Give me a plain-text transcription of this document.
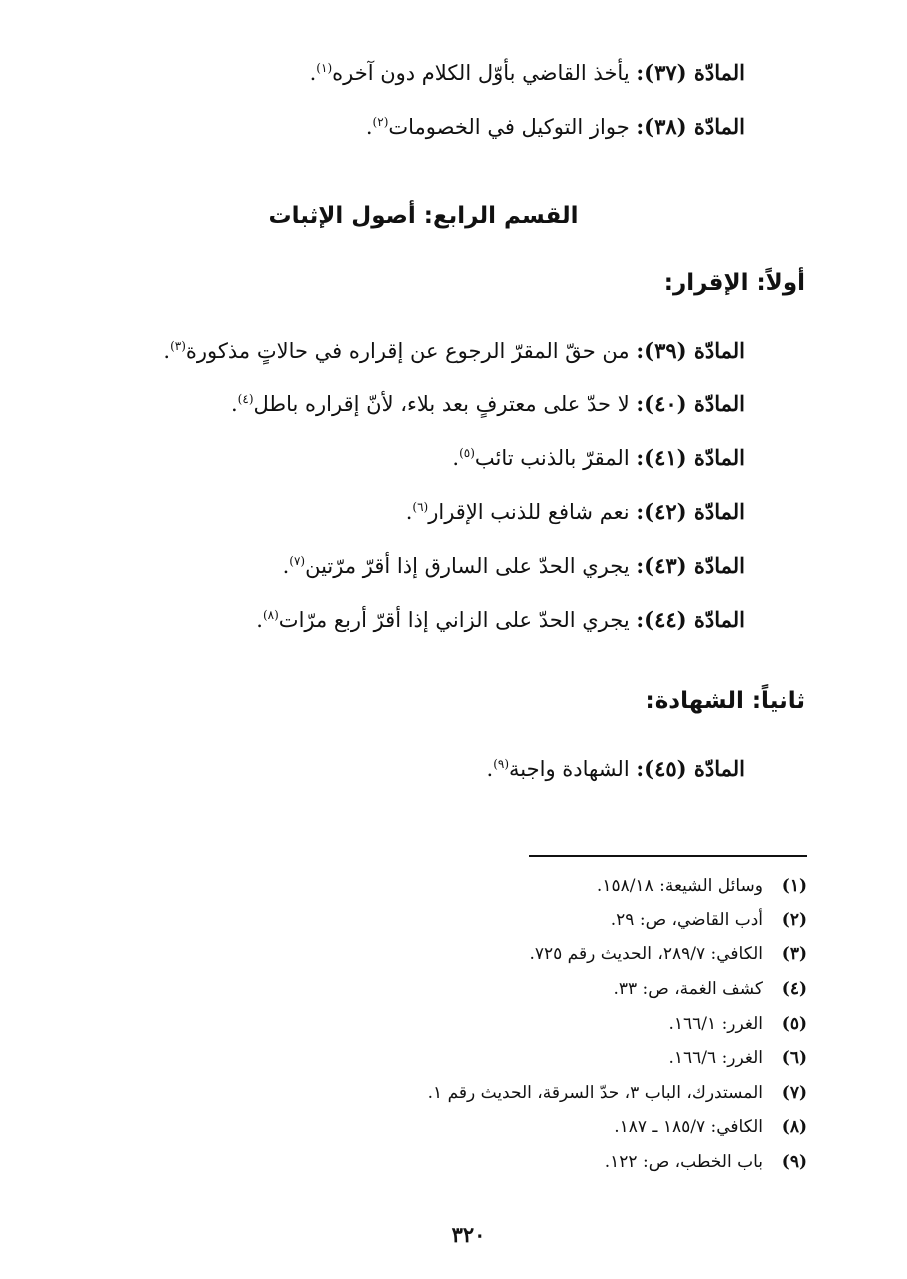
المادّة (٣٧): يأخذ القاضي بأوّل الكلام دون آخره$^{(١)}$.
المادّة (٣٨): جواز التوكيل في الخصومات$^{(٢)}$.
القسم الرابع: أصول الإثبات
أولاً: الإقرار:
المادّة (٣٩): من حقّ المقرّ الرجوع عن إقراره في حالاتٍ مذكورة$^{(٣)}$.
المادّة (٤٠): لا حدّ على معترفٍ بعد بلاء، لأنّ إقراره باطل$^{(٤)}$.
المادّة (٤١): المقرّ بالذنب تائب$^{(٥)}$.
المادّة (٤٢): نعم شافع للذنب الإقرار$^{(٦)}$.
المادّة (٤٣): يجري الحدّ على السارق إذا أقرّ مرّتين$^{(٧)}$.
المادّة (٤٤): يجري الحدّ على الزاني إذا أقرّ أربع مرّات$^{(٨)}$.
ثانياً: الشهادة:
المادّة (٤٥): الشهادة واجبة$^{(٩)}$.
(١)وسائل الشيعة: ١٥٨/١٨.
(٢)أدب القاضي، ص: ٢٩.
(٣)الكافي: ٢٨٩/٧، الحديث رقم ٧٢٥.
(٤)كشف الغمة، ص: ٣٣.
(٥)الغرر: ١٦٦/١.
(٦)الغرر: ١٦٦/٦.
(٧)المستدرك، الباب ٣، حدّ السرقة، الحديث رقم ١.
(٨)الكافي: ١٨٥/٧ ـ ١٨٧.
(٩)باب الخطب، ص: ١٢٢.
٣٢٠
